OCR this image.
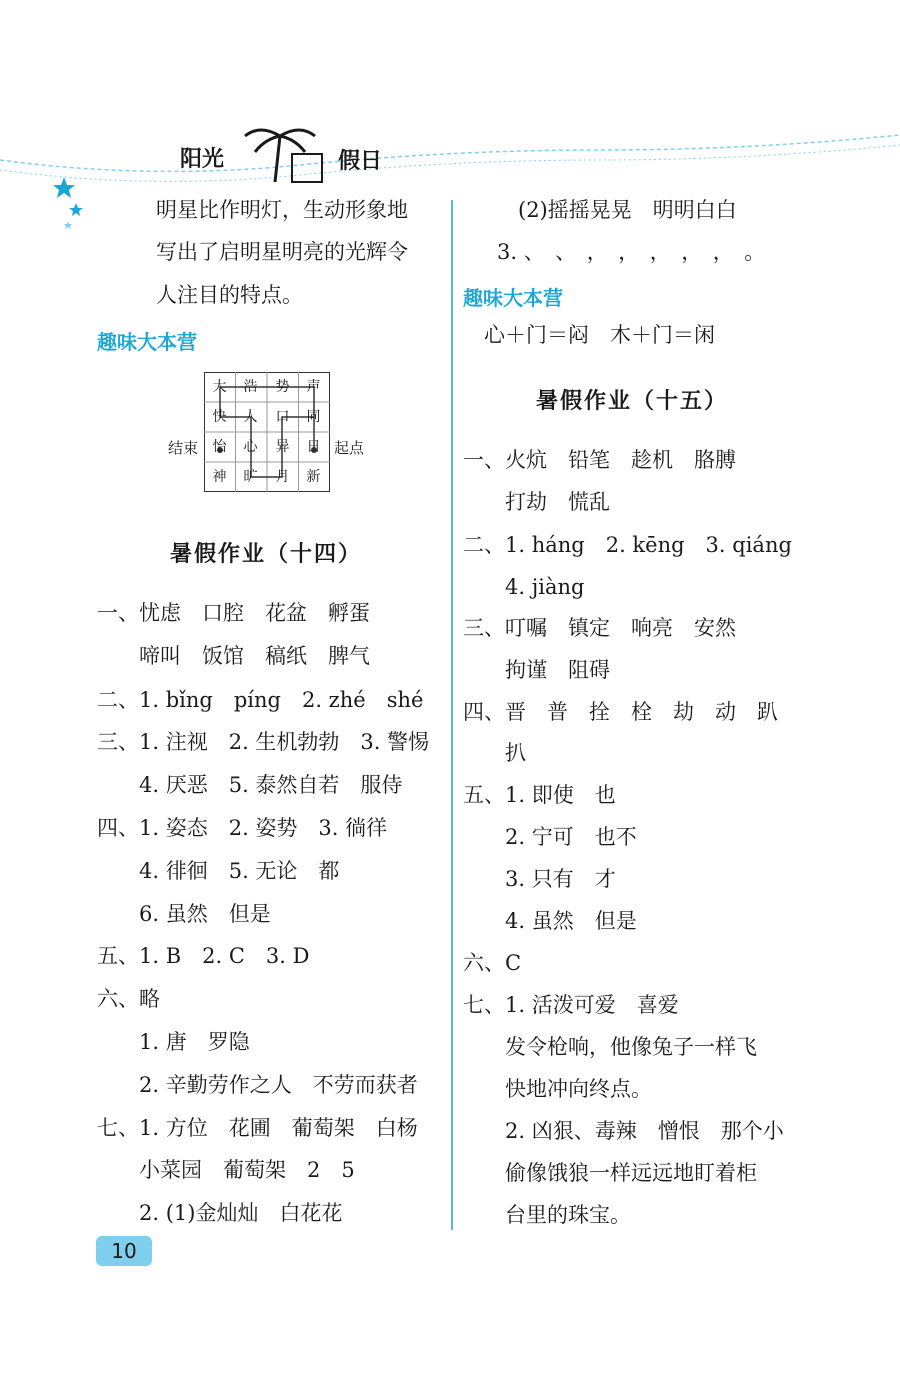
阳光	假日
明星比作明灯，生动形象地
写出了启明星明亮的光辉令
人注目的特点。
趣味大本营
大	浩	势	声
快	人	口	同
怡	心	异	日
神	旷	月	新
结束	起点
暑假作业（十四）
一、忧虑　口腔　花盆　孵蛋
　　啼叫　饭馆　稿纸　脾气
二、1. bǐng　píng　2. zhé　shé
三、1. 注视　2. 生机勃勃　3. 警惕
　　4. 厌恶　5. 泰然自若　服侍
四、1. 姿态　2. 姿势　3. 徜徉
　　4. 徘徊　5. 无论　都
　　6. 虽然　但是
五、1. B　2. C　3. D
六、略
　　1. 唐　罗隐
　　2. 辛勤劳作之人　不劳而获者
七、1. 方位　花圃　葡萄架　白杨
　　小菜园　葡萄架　2　5
　　2. (1)金灿灿　白花花
10
　(2)摇摇晃晃　明明白白
3. 、　、　，　，　，　，　，　。
趣味大本营
　心＋门＝闷　木＋门＝闲
暑假作业（十五）
一、火炕　铅笔　趁机　胳膊
　　打劫　慌乱
二、1. háng　2. kēng　3. qiáng
　　4. jiàng
三、叮嘱　镇定　响亮　安然
　　拘谨　阻碍
四、晋　普　拴　栓　劫　动　趴
　　扒
五、1. 即使　也
　　2. 宁可　也不
　　3. 只有　才
　　4. 虽然　但是
六、C
七、1. 活泼可爱　喜爱
　　发令枪响，他像兔子一样飞
　　快地冲向终点。
　　2. 凶狠、毒辣　憎恨　那个小
　　偷像饿狼一样远远地盯着柜
　　台里的珠宝。
